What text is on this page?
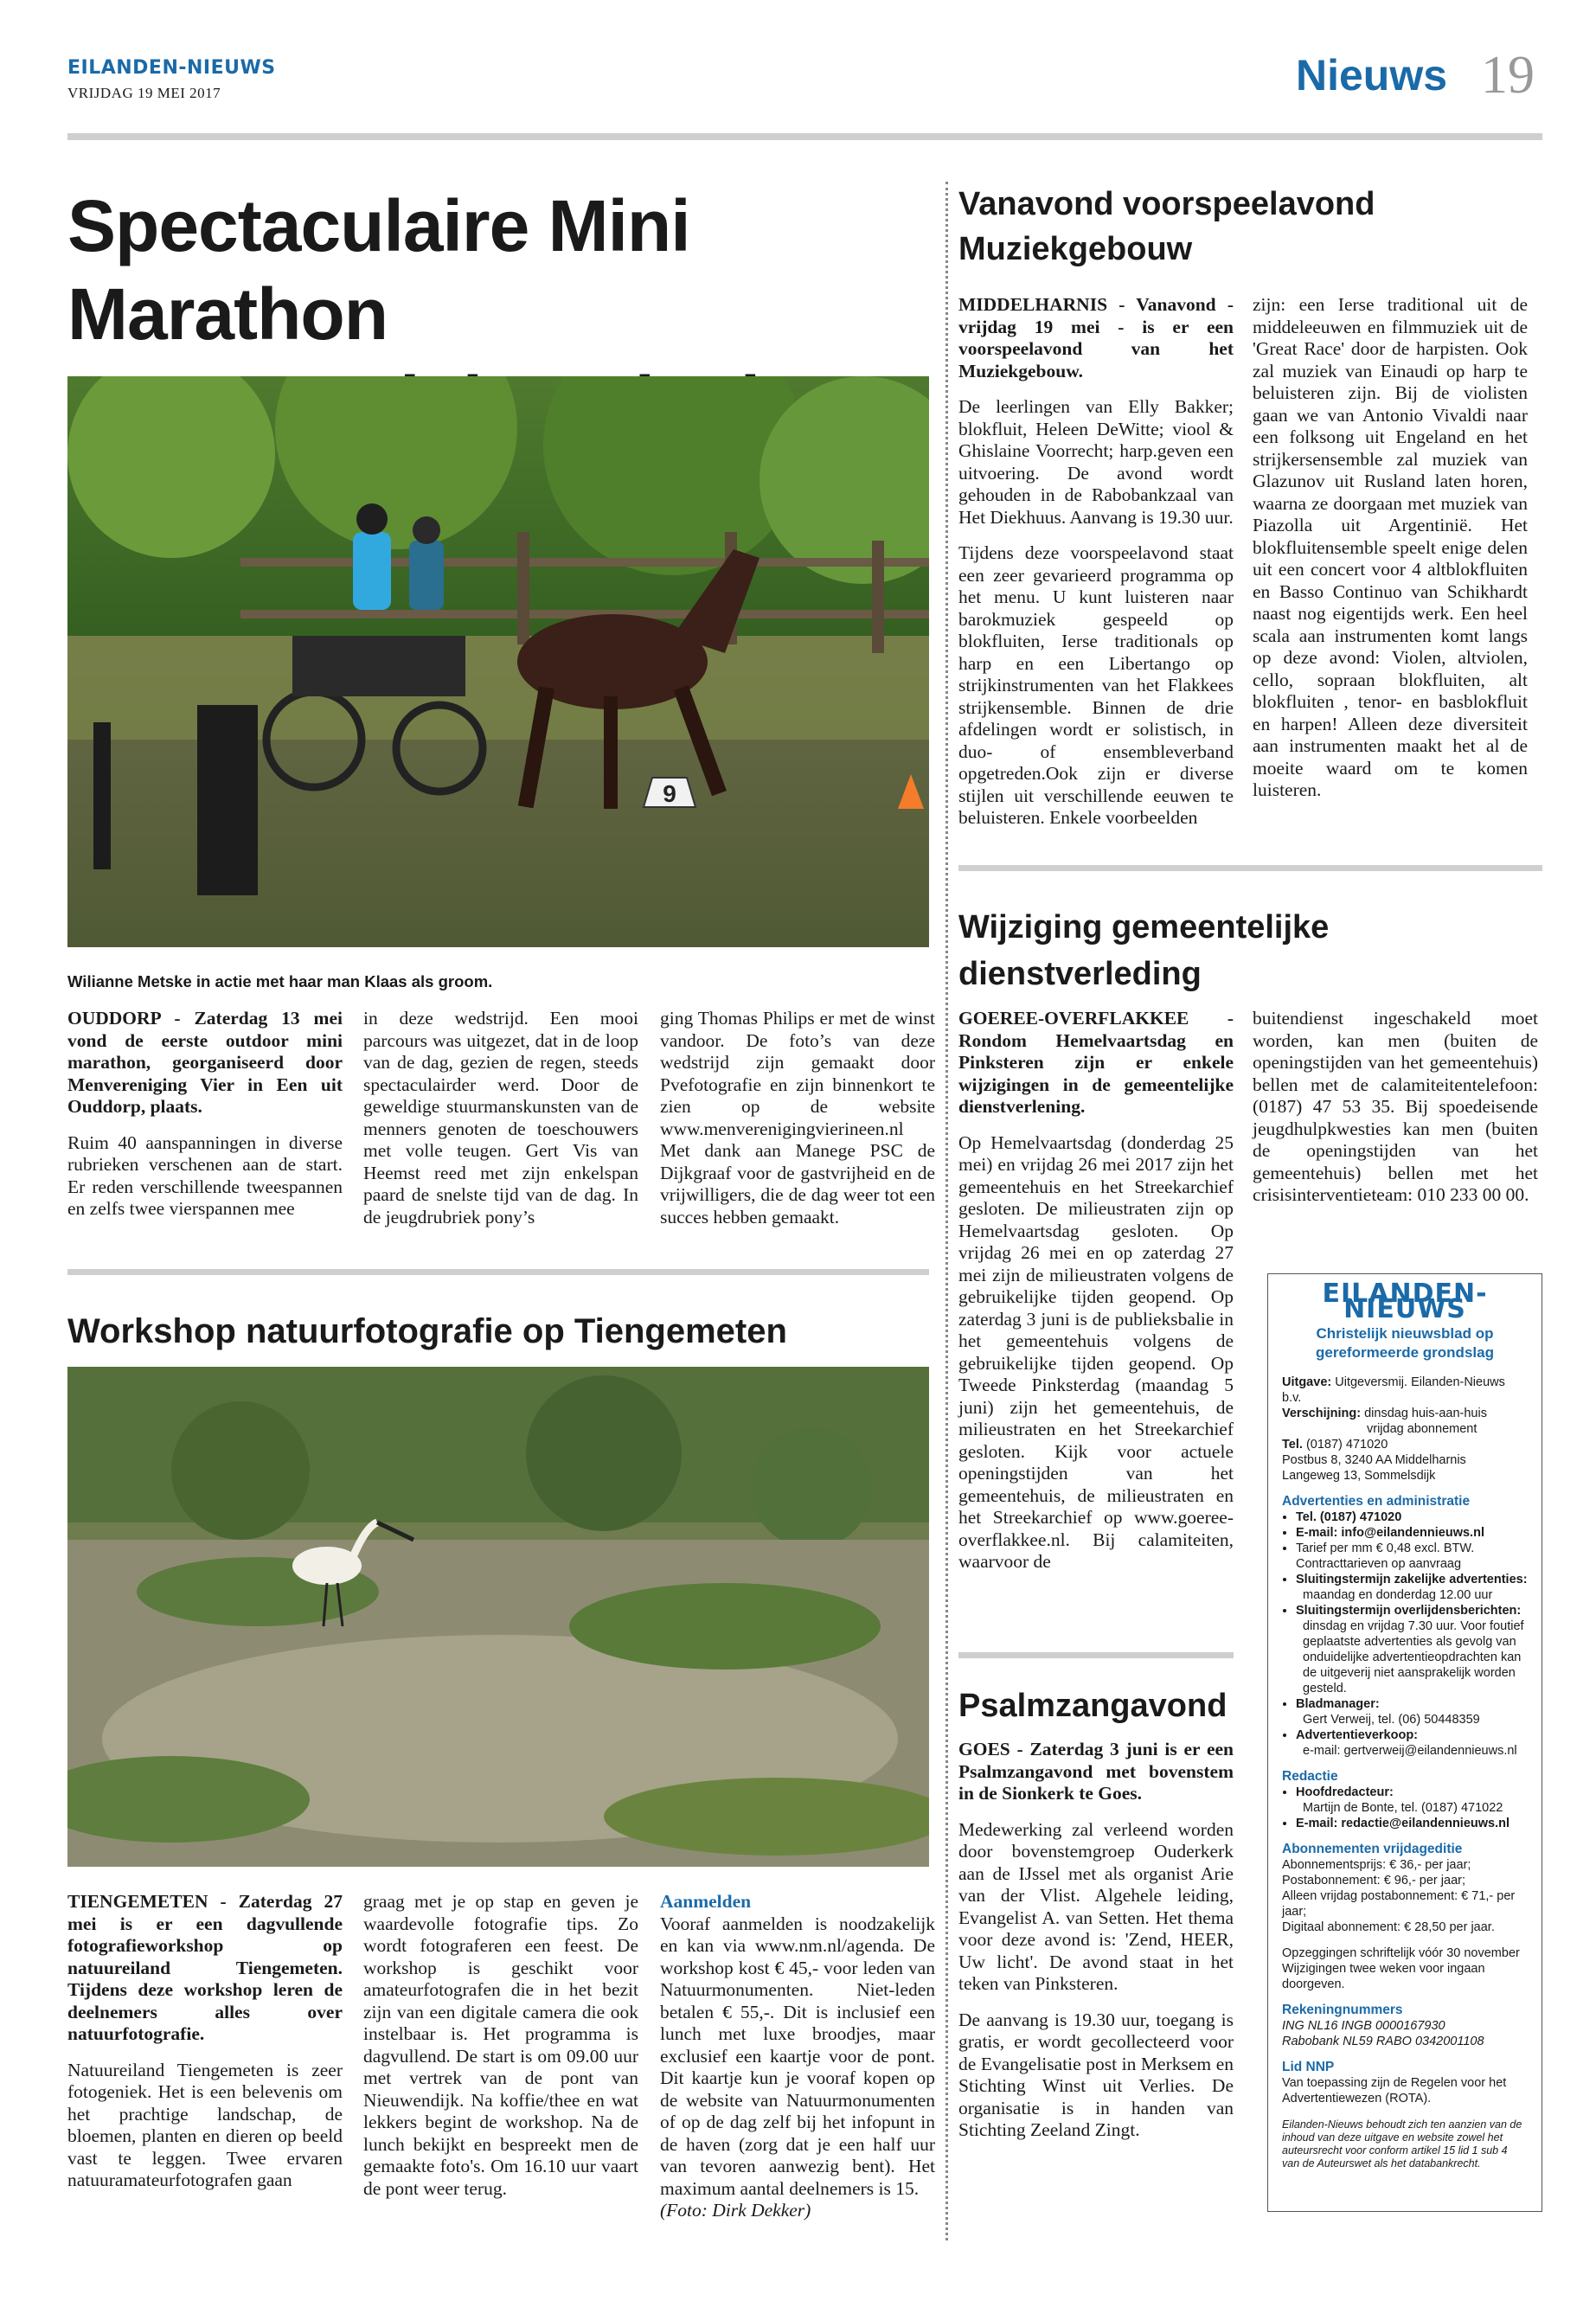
EILANDEN-NIEUWS
VRIJDAG 19 MEI 2017	Nieuws 19
Spectaculaire Mini Marathon

9
Wilianne Metske in actie met haar man Klaas als groom.

OUDDORP - Zaterdag 13 mei vond de eerste outdoor mini marathon, georganiseerd door Menvereniging Vier in Een uit Ouddorp, plaats.

Ruim 40 aanspanningen in diverse rubrieken verschenen aan de start. Er reden verschillende tweespannen en zelfs twee vierspannen mee

in deze wedstrijd. Een mooi parcours was uitgezet, dat in de loop van de dag, gezien de regen, steeds spectaculairder werd. Door de geweldige stuurmanskunsten van de menners genoten de toeschouwers met volle teugen. Gert Vis van Heemst reed met zijn enkelspan paard de snelste tijd van de dag. In de jeugdrubriek pony’s

ging Thomas Philips er met de winst vandoor. De foto’s van deze wedstrijd zijn gemaakt door Pvefotografie en zijn binnenkort te zien op de website www.menverenigingvierineen.nl Met dank aan Manege PSC de Dijkgraaf voor de gastvrijheid en de vrijwilligers, die de dag weer tot een succes hebben gemaakt.

Workshop natuurfotografie op Tiengemeten

TIENGEMETEN - Zaterdag 27 mei is er een dagvullende fotografieworkshop op natuureiland Tiengemeten. Tijdens deze workshop leren de deelnemers alles over natuurfotografie.

Natuureiland Tiengemeten is zeer fotogeniek. Het is een belevenis om het prachtige landschap, de bloemen, planten en dieren op beeld vast te leggen. Twee ervaren natuuramateurfotografen gaan

graag met je op stap en geven je waardevolle fotografie tips. Zo wordt fotograferen een feest. De workshop is geschikt voor amateurfotografen die in het bezit zijn van een digitale camera die ook instelbaar is. Het programma is dagvullend. De start is om 09.00 uur met vertrek van de pont van Nieuwendijk. Na koffie/thee en wat lekkers begint de workshop. Na de lunch bekijkt en bespreekt men de gemaakte foto's. Om 16.10 uur vaart de pont weer terug.

Aanmelden

Vooraf aanmelden is noodzakelijk en kan via www.nm.nl/agenda. De workshop kost € 45,- voor leden van Natuurmonumenten. Niet-leden betalen € 55,-. Dit is inclusief een lunch met luxe broodjes, maar exclusief een kaartje voor de pont. Dit kaartje kun je vooraf kopen op de website van Natuurmonumenten of op de dag zelf bij het infopunt in de haven (zorg dat je een half uur van tevoren aanwezig bent). Het maximum aantal deelnemers is 15.

(Foto: Dirk Dekker)

Vanavond voorspeelavond
Muziekgebouw

MIDDELHARNIS - Vanavond - vrijdag 19 mei - is er een voorspeelavond van het Muziekgebouw.

De leerlingen van Elly Bakker; blokfluit, Heleen DeWitte; viool & Ghislaine Voorrecht; harp.geven een uitvoering. De avond wordt gehouden in de Rabobankzaal van Het Diekhuus. Aanvang is 19.30 uur.

Tijdens deze voorspeelavond staat een zeer gevarieerd programma op het menu. U kunt luisteren naar barokmuziek gespeeld op blokfluiten, Ierse traditionals op harp en een Libertango op strijkinstrumenten van het Flakkees strijkensemble. Binnen de drie afdelingen wordt er solistisch, in duo- of ensembleverband opgetreden.Ook zijn er diverse stijlen uit verschillende eeuwen te beluisteren. Enkele voorbeelden

zijn: een Ierse traditional uit de middeleeuwen en filmmuziek uit de 'Great Race' door de harpisten. Ook zal muziek van Einaudi op harp te beluisteren zijn. Bij de violisten gaan we van Antonio Vivaldi naar een folksong uit Engeland en het strijkersensemble zal muziek van Glazunov uit Rusland laten horen, waarna ze doorgaan met muziek van Piazolla uit Argentinië. Het blokfluitensemble speelt enige delen uit een concert voor 4 altblokfluiten en Basso Continuo van Schikhardt naast nog eigentijds werk. Een heel scala aan instrumenten komt langs op deze avond: Violen, altviolen, cello, sopraan blokfluiten, alt blokfluiten , tenor- en basblokfluit en harpen! Alleen deze diversiteit aan instrumenten maakt het al de moeite waard om te komen luisteren.

Wijziging gemeentelijke
dienstverleding

GOEREE-OVERFLAKKEE - Rondom Hemelvaartsdag en Pinksteren zijn er enkele wijzigingen in de gemeentelijke dienstverlening.

Op Hemelvaartsdag (donderdag 25 mei) en vrijdag 26 mei 2017 zijn het gemeentehuis en het Streekarchief gesloten. De milieustraten zijn op Hemelvaartsdag gesloten. Op vrijdag 26 mei en op zaterdag 27 mei zijn de milieustraten volgens de gebruikelijke tijden geopend. Op zaterdag 3 juni is de publieksbalie in het gemeentehuis volgens de gebruikelijke tijden geopend. Op Tweede Pinksterdag (maandag 5 juni) zijn het gemeentehuis, de milieustraten en het Streekarchief gesloten. Kijk voor actuele openingstijden van het gemeentehuis, de milieustraten en het Streekarchief op www.goeree-overflakkee.nl. Bij calamiteiten, waarvoor de

buitendienst ingeschakeld moet worden, kan men (buiten de openingstijden van het gemeentehuis) bellen met de calamiteitentelefoon: (0187) 47 53 35. Bij spoedeisende jeugdhulpkwesties kan men (buiten de openingstijden van het gemeentehuis) bellen met het crisisinterventieteam: 010 233 00 00.

Psalmzangavond

GOES - Zaterdag 3 juni is er een Psalmzangavond met bovenstem in de Sionkerk te Goes.

Medewerking zal verleend worden door bovenstemgroep Ouderkerk aan de IJssel met als organist Arie van der Vlist. Algehele leiding, Evangelist A. van Setten. Het thema voor deze avond is: 'Zend, HEER, Uw licht'. De avond staat in het teken van Pinksteren.

De aanvang is 19.30 uur, toegang is gratis, er wordt gecollecteerd voor de Evangelisatie post in Merksem en Stichting Winst uit Verlies. De organisatie is in handen van Stichting Zeeland Zingt.

EILANDEN-NIEUWS
Christelijk nieuwsblad op gereformeerde grondslag
Uitgave: Uitgeversmij. Eilanden-Nieuws b.v.
Verschijning: dinsdag huis-aan-huis
vrijdag abonnement
Tel. (0187) 471020
Postbus 8, 3240 AA Middelharnis
Langeweg 13, Sommelsdijk
Advertenties en administratie
• Tel. (0187) 471020
• E-mail: info@eilandennieuws.nl
• Tarief per mm € 0,48 excl. BTW. Contracttarieven op aanvraag
• Sluitingstermijn zakelijke advertenties:
maandag en donderdag 12.00 uur
• Sluitingstermijn overlijdensberichten:
dinsdag en vrijdag 7.30 uur. Voor foutief geplaatste advertenties als gevolg van onduidelijke advertentieopdrachten kan de uitgeverij niet aansprakelijk worden gesteld.
• Bladmanager:
Gert Verweij, tel. (06) 50448359
• Advertentieverkoop:
e-mail: gertverweij@eilandennieuws.nl
Redactie
• Hoofdredacteur:
Martijn de Bonte, tel. (0187) 471022
• E-mail: redactie@eilandennieuws.nl
Abonnementen vrijdageditie
Abonnementsprijs: € 36,- per jaar;
Postabonnement: € 96,- per jaar;
Alleen vrijdag postabonnement: € 71,- per jaar;
Digitaal abonnement: € 28,50 per jaar.
Opzeggingen schriftelijk vóór 30 november Wijzigingen twee weken voor ingaan doorgeven.
Rekeningnummers
ING NL16 INGB 0000167930
Rabobank NL59 RABO 0342001108
Lid NNP
Van toepassing zijn de Regelen voor het Advertentiewezen (ROTA).
Eilanden-Nieuws behoudt zich ten aanzien van de inhoud van deze uitgave en website zowel het auteursrecht voor conform artikel 15 lid 1 sub 4 van de Auteurswet als het databankrecht.
